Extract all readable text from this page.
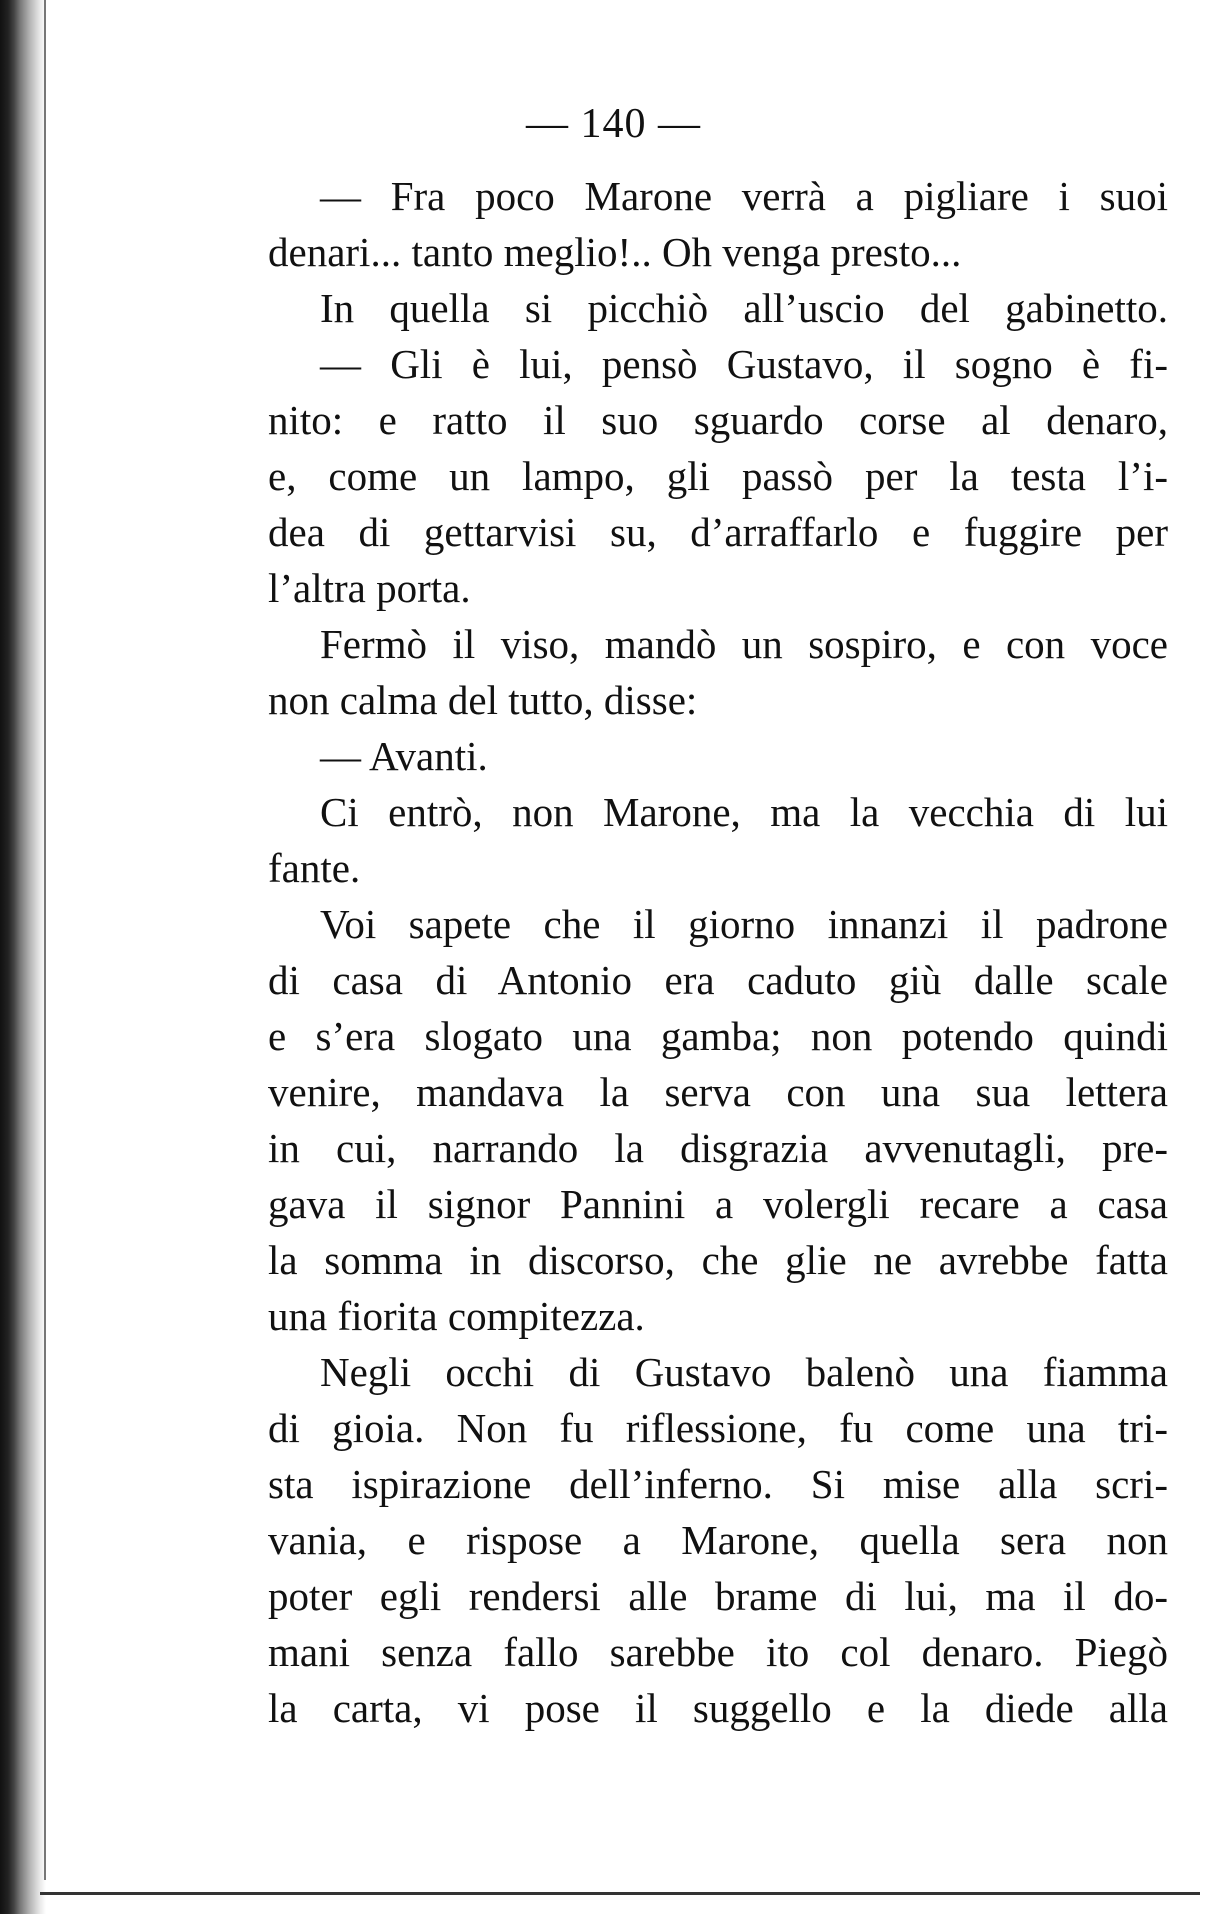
— 140 —
— Fra poco Marone verrà a pigliare i suoi
denari... tanto meglio!.. Oh venga presto...
In quella si picchiò all’uscio del gabinetto.
— Gli è lui, pensò Gustavo, il sogno è fi-
nito: e ratto il suo sguardo corse al denaro,
e, come un lampo, gli passò per la testa l’i-
dea di gettarvisi su, d’arraffarlo e fuggire per
l’altra porta.
Fermò il viso, mandò un sospiro, e con voce
non calma del tutto, disse:
— Avanti.
Ci entrò, non Marone, ma la vecchia di lui
fante.
Voi sapete che il giorno innanzi il padrone
di casa di Antonio era caduto giù dalle scale
e s’era slogato una gamba; non potendo quindi
venire, mandava la serva con una sua lettera
in cui, narrando la disgrazia avvenutagli, pre-
gava il signor Pannini a volergli recare a casa
la somma in discorso, che glie ne avrebbe fatta
una fiorita compitezza.
Negli occhi di Gustavo balenò una fiamma
di gioia. Non fu riflessione, fu come una tri-
sta ispirazione dell’inferno. Si mise alla scri-
vania, e rispose a Marone, quella sera non
poter egli rendersi alle brame di lui, ma il do-
mani senza fallo sarebbe ito col denaro. Piegò
la carta, vi pose il suggello e la diede alla
